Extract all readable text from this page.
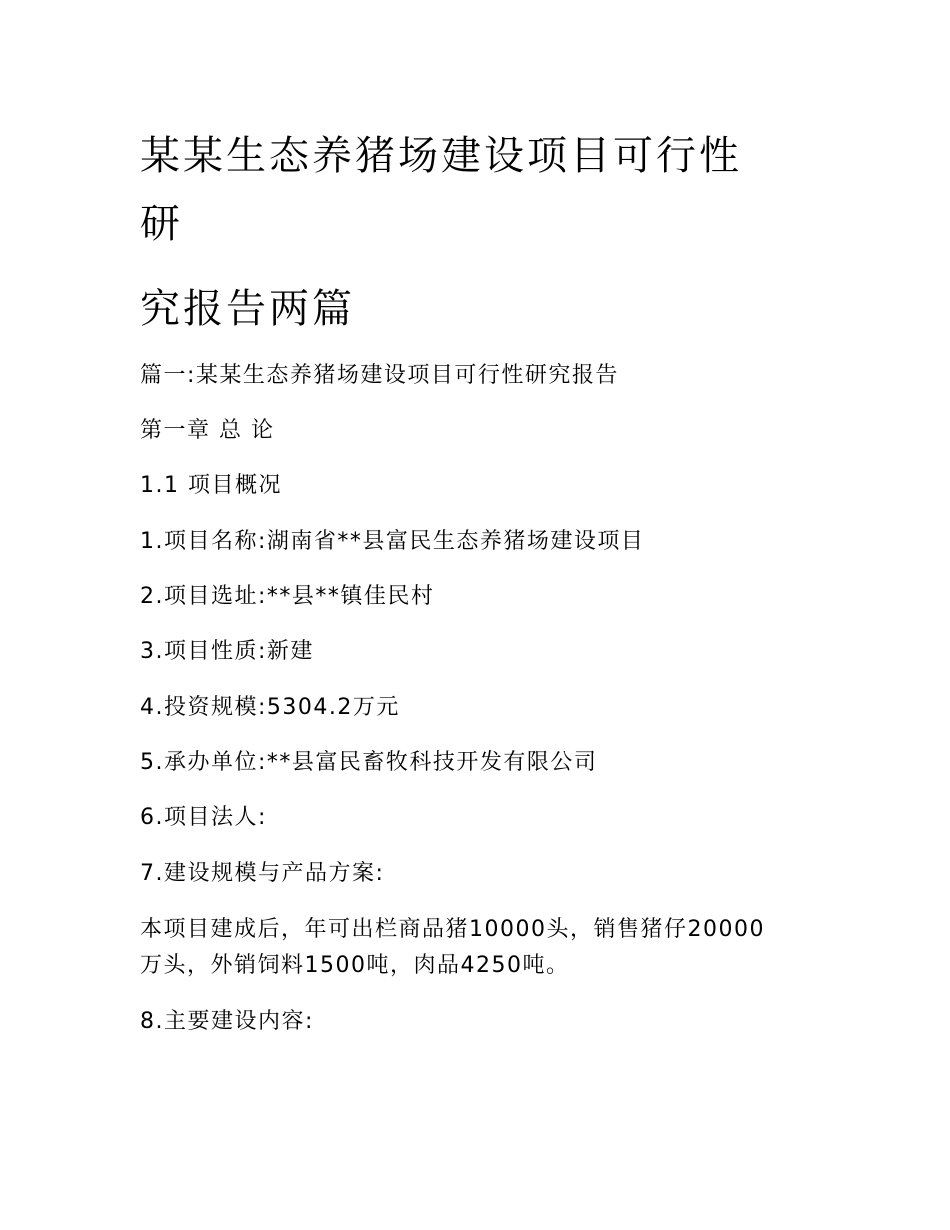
某某生态养猪场建设项目可行性
研
究报告两篇

篇一:某某生态养猪场建设项目可行性研究报告

第一章 总 论

1.1 项目概况

1.项目名称:湖南省**县富民生态养猪场建设项目

2.项目选址:**县**镇佳民村

3.项目性质:新建

4.投资规模:5304.2万元

5.承办单位:**县富民畜牧科技开发有限公司

6.项目法人:

7.建设规模与产品方案:

本项目建成后，年可出栏商品猪10000头，销售猪仔20000
万头，外销饲料1500吨，肉品4250吨。

8.主要建设内容:
